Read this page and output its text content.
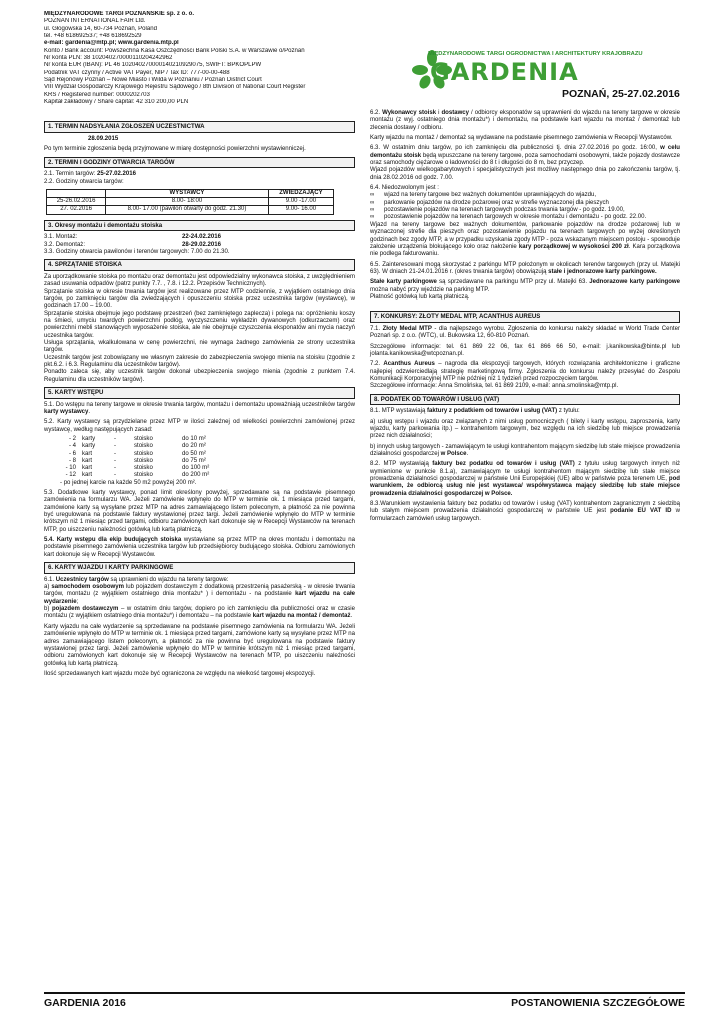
MIĘDZYNARODOWE TARGI POZNAŃSKIE sp. z o. o.

POZNAN INTERNATIONAL FAIR Ltd.

ul. Głogowska 14, 60-734 Poznań, Poland

tel. +48 618692537; +48 618692529

e-mail: gardenia@mtp.pl; www.gardenia.mtp.pl

Konto / Bank account: Powszechna Kasa Oszczędności Bank Polski S.A. w Warszawie o/Poznań

Nr konta PLN: 38 102040270000110204242962

Nr konta EUR (IBAN): PL 46 102040270000140210929075, SWIFT: BPKOPLPW

Podatnik VAT czynny / Active VAT Payer, NIP / Tax ID: 777-00-00-488

Sąd Rejonowy Poznań – Nowe Miasto i Wilda w Poznaniu / Poznan District Court

VIII Wydział Gospodarczy Krajowego Rejestru Sądowego / 8th Division of National Court Register

KRS / Registered number: 0000202703

Kapitał zakładowy / Share capital: 42 310 200,00 PLN

1. TERMIN NADSYŁANIA ZGŁOSZEŃ UCZESTNICTWA

28.09.2015

Po tym terminie zgłoszenia będą przyjmowane w miarę dostępności powierzchni wystawienniczej.

2. TERMIN I GODZINY OTWARCIA TARGÓW

2.1. Termin targów: 25-27.02.2016

2.2. Godziny otwarcia targów:

	WYSTAWCY	ZWIEDZAJĄCY
25-26.02.2016	8.00- 18:00	9.00 -17.00
27. 02.2016	8.00- 17.00 (pawilon otwarty do godz. 21.30)	9.00- 16.00
3. Okresy montażu i demontażu stoiska
3.1. Montaż:	22-24.02.2016
3.2. Demontaż:	28-29.02.2016

3.3. Godziny otwarcia pawilonów i terenów targowych: 7.00 do 21.30.

4. SPRZĄTANIE STOISKA

Za uporządkowanie stoiska po montażu oraz demontażu jest odpowiedzialny wykonawca stoiska, z uwzględnieniem zasad usuwania odpadów (patrz punkty 7.7. , 7.8. i 12.2. Przepisów Technicznych).

Sprzątanie stoiska w okresie trwania targów jest realizowane przez MTP codziennie, z wyjątkiem ostatniego dnia targów, po zamknięciu targów dla zwiedzających i opuszczeniu stoiska przez uczestnika targów (wystawcę), w godzinach 17.00 – 19.00.

Sprzątanie stoiska obejmuje jego podstawę przestrzeń (bez zamkniętego zaplecza) i polega na: opróżnieniu koszy na śmieci, umyciu twardych powierzchni podłóg, wyczyszczeniu wykładzin dywanowych (odkurzaczem) oraz powierzchni mebli stanowiących wyposażenie stoiska, ale nie obejmuje czyszczenia eksponatów ani mycia naczyń uczestnika targów.

Usługa sprzątania, wkalkulowana w cenę powierzchni, nie wymaga żadnego zamówienia ze strony uczestnika targów.

Uczestnik targów jest zobowiązany we własnym zakresie do zabezpieczenia swojego mienia na stoisku (zgodnie z pkt.6.2. i 6.3. Regulaminu dla uczestników targów).

Ponadto zaleca się, aby uczestnik targów dokonał ubezpieczenia swojego mienia (zgodnie z punktem 7.4. Regulaminu dla uczestników targów).

5. KARTY WSTĘPU

5.1. Do wstępu na tereny targowe w okresie trwania targów, montażu i demontażu upoważniają uczestników targów karty wystawcy.

5.2. Karty wystawcy są przydzielane przez MTP w ilości zależnej od wielkości powierzchni zamówionej przez wystawcę, według następujących zasad:

- 2 karty	-	stoisko	do 10 m²
- 4 karty	-	stoisko	do 20 m²
- 6 kart	-	stoisko	do 50 m²
- 8 kart	-	stoisko	do 75 m²
- 10 kart	-	stoisko	do 100 m²
- 12 kart	-	stoisko	do 200 m²
- po jednej karcie na każde 50 m2 powyżej 200 m².

5.3. Dodatkowe karty wystawcy, ponad limit określony powyżej, sprzedawane są na podstawie pisemnego zamówienia na formularzu WA. Jeżeli zamówienie wpłynęło do MTP w terminie ok. 1 miesiąca przed targami, zamówione karty są wysyłane przez MTP na adres zamawiającego listem poleconym, a płatność za nie powinna być uregulowana na podstawie faktury wystawionej przez targi. Jeżeli zamówienie wpłynęło do MTP w terminie krótszym niż 1 miesiąc przed targami, odbioru zamówionych kart dokonuje się w Recepcji Wystawców na terenach MTP, po uiszczeniu należności gotówką lub kartą płatniczą.

5.4. Karty wstępu dla ekip budujących stoiska wystawiane są przez MTP na okres montażu i demontażu na podstawie pisemnego zamówienia uczestnika targów lub przedsiębiorcy budującego stoiska. Odbioru zamówionych kart dokonuje się w Recepcji Wystawców.

6. KARTY WJAZDU I KARTY PARKINGOWE

6.1. Uczestnicy targów są uprawnieni do wjazdu na tereny targowe:

a) samochodem osobowym lub pojazdem dostawczym z dodatkową przestrzenią pasażerską - w okresie trwania targów, montażu (z wyjątkiem ostatniego dnia montażu* ) i demontażu - na podstawie kart wjazdu na całe wydarzenie;

b) pojazdem dostawczym – w ostatnim dniu targów, dopiero po ich zamknięciu dla publiczności oraz w czasie montażu (z wyjątkiem ostatniego dnia montażu*) i demontażu – na podstawie kart wjazdu na montaż / demontaż.

Karty wjazdu na całe wydarzenie są sprzedawane na podstawie pisemnego zamówienia na formularzu WA. Jeżeli zamówienie wpłynęło do MTP w terminie ok. 1 miesiąca przed targami, zamówione karty są wysyłane przez MTP na adres zamawiającego listem poleconym, a płatność za nie powinna być uregulowana na podstawie faktury wystawionej przez targi. Jeżeli zamówienie wpłynęło do MTP w terminie krótszym niż 1 miesiąc przed targami, odbioru zamówionych kart dokonuje się w Recepcji Wystawców na terenach MTP, po uiszczeniu należności gotówką lub kartą płatniczą.

Ilość sprzedawanych kart wjazdu może być ograniczona ze względu na wielkość targowej ekspozycji.

MIĘDZYNARODOWE TARGI OGRODNICTWA I ARCHITEKTURY KRAJOBRAZU
GARDENIA
POZNAŃ, 25-27.02.2016

6.2. Wykonawcy stoisk i dostawcy / odbiorcy eksponatów są uprawnieni do wjazdu na tereny targowe w okresie montażu (z wyj. ostatniego dnia montażu*) i demontażu, na podstawie kart wjazdu na montaż / demontaż lub zlecenia dostawy / odbioru.

Karty wjazdu na montaż / demontaż są wydawane na podstawie pisemnego zamówienia w Recepcji Wystawców.

6.3. W ostatnim dniu targów, po ich zamknięciu dla publiczności tj. dnia 27.02.2016 po godz. 16:00, w celu demontażu stoisk będą wpuszczane na tereny targowe, poza samochodami osobowymi, także pojazdy dostawcze oraz samochody ciężarowe o ładowności do 8 t i długości do 8 m, bez przyczep.

Wjazd pojazdów wielkogabarytowych i specjalistycznych jest możliwy następnego dnia po zakończeniu targów, tj. dnia 28.02.2016 od godz. 7.00.

6.4. Niedozwolonym jest :

∞	wjazd na tereny targowe bez ważnych dokumentów uprawniających do wjazdu,
∞	parkowanie pojazdów na drodze pożarowej oraz w strefie wyznaczonej dla pieszych
∞	pozostawienie pojazdów na terenach targowych podczas trwania targów - po godz. 19.00,
∞	pozostawienie pojazdów na terenach targowych w okresie montażu i demontażu - po godz. 22.00.

Wjazd na tereny targowe bez ważnych dokumentów, parkowanie pojazdów na drodze pożarowej lub w wyznaczonej strefie dla pieszych oraz pozostawienie pojazdu na terenach targowych po wyżej określonych godzinach bez zgody MTP, a w przypadku uzyskania zgody MTP - poza wskazanym miejscem postoju - spowoduje założenie urządzenia blokującego koło oraz nałożenie kary porządkowej w wysokości 200 zł. Kara porządkowa nie podlega fakturowaniu.

6.5. Zainteresowani mogą skorzystać z parkingu MTP położonym w okolicach terenów targowych (przy ul. Matejki 63). W dniach 21-24.01.2016 r. (okres trwania targów) obowiązują stałe i jednorazowe karty parkingowe.

Stałe karty parkingowe są sprzedawane na parkingu MTP przy ul. Matejki 63. Jednorazowe karty parkingowe można nabyć przy wjeździe na parking MTP.

Płatność gotówką lub kartą płatniczą.

7. KONKURSY: ZŁOTY MEDAL MTP, ACANTHUS AUREUS

7.1. Złoty Medal MTP - dla najlepszego wyrobu. Zgłoszenia do konkursu należy składać w World Trade Center Poznań sp. z o.o. (WTC), ul. Bukowska 12, 60-810 Poznań.

Szczegółowe informacje: tel. 61 869 22 06, fax 61 866 66 50, e-mail: j.kanikowska@binte.pl lub jolanta.kanikowska@wtcpoznan.pl.

7.2. Acanthus Aureus – nagroda dla ekspozycji targowych, których rozwiązania architektoniczne i graficzne najlepiej odzwierciedlają strategię marketingową firmy. Zgłoszenia do konkursu należy przesyłać do Zespołu Komunikacji Korporacyjnej MTP nie później niż 1 tydzień przed rozpoczęciem targów.

Szczegółowe informacje: Anna Smolińska, tel. 61 869 2109, e-mail: anna.smolinska@mtp.pl.

8. PODATEK OD TOWARÓW I USŁUG (VAT)

8.1. MTP wystawiają faktury z podatkiem od towarów i usług (VAT) z tytułu:

a) usług wstępu i wjazdu oraz związanych z nimi usług pomocniczych ( bilety i karty wstępu, zaproszenia, karty wjazdu, karty parkowania itp.) – kontrahentom targowym, bez względu na ich siedzibę lub miejsce prowadzenia przez nich działalności;

b) innych usług targowych - zamawiającym te usługi kontrahentom mającym siedzibę lub stałe miejsce prowadzenia działalności gospodarczej w Polsce.

8.2. MTP wystawiają faktury bez podatku od towarów i usług (VAT) z tytułu usług targowych innych niż wymienione w punkcie 8.1.a), zamawiającym te usługi kontrahentom mającym siedzibę lub stałe miejsce prowadzenia działalności gospodarczej w państwie Unii Europejskiej (UE) albo w państwie poza terenem UE, pod warunkiem, że odbiorcą usług nie jest wystawca/ współwystawca mający siedzibę lub stałe miejsce prowadzenia działalności gospodarczej w Polsce.

8.3.Warunkiem wystawienia faktury bez podatku od towarów i usług (VAT) kontrahentom zagranicznym z siedzibą lub stałym miejscem prowadzenia działalności gospodarczej w państwie UE jest podanie EU VAT ID w formularzach zamówień usług targowych.

GARDENIA 2016	POSTANOWIENIA SZCZEGÓŁOWE
